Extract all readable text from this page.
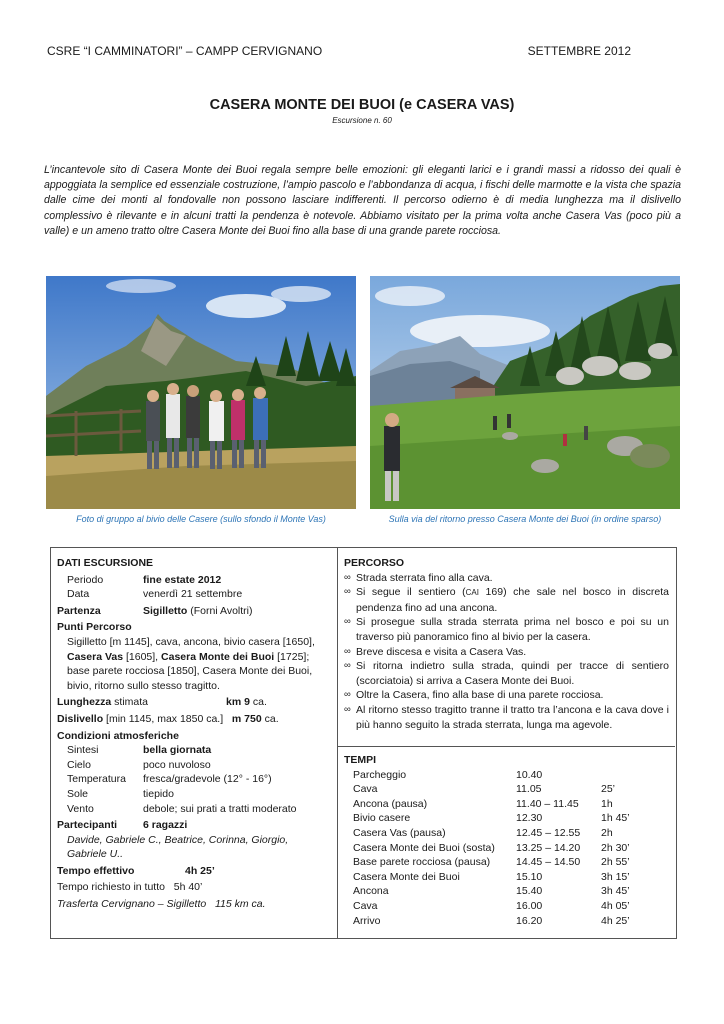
CSRE “I CAMMINATORI” – CAMPP CERVIGNANO	SETTEMBRE 2012
CASERA MONTE DEI BUOI (e CASERA VAS)
Escursione n. 60
L’incantevole sito di Casera Monte dei Buoi regala sempre belle emozioni: gli eleganti larici e i grandi massi a ridosso dei quali è appoggiata la semplice ed essenziale costruzione, l’ampio pascolo e l’abbondanza di acqua, i fischi delle marmotte e la vista che spazia dalle cime dei monti al fondovalle non possono lasciare indifferenti. Il percorso odierno è di media lunghezza ma il dislivello complessivo è rilevante e in alcuni tratti la pendenza è notevole. Abbiamo visitato per la prima volta anche Casera Vas (poco più a valle) e un ameno tratto oltre Casera Monte dei Buoi fino alla base di una grande parete rocciosa.
Foto di gruppo al bivio delle Casere (sullo sfondo il Monte Vas)	Sulla via del ritorno presso Casera Monte dei Buoi (in ordine sparso)
DATI ESCURSIONE
Periodo	fine estate 2012
Data	venerdì 21 settembre
Partenza	Sigilletto (Forni Avoltri)
Punti Percorso
Sigilletto [m 1145], cava, ancona, bivio casera [1650],
Casera Vas [1605], Casera Monte dei Buoi [1725];
base parete rocciosa [1850], Casera Monte dei Buoi,
bivio, ritorno sullo stesso tragitto.
Lunghezza stimata	km 9 ca.
Dislivello [min 1145, max 1850 ca.] m 750 ca.
Condizioni atmosferiche
Sintesi	bella giornata
Cielo	poco nuvoloso
Temperatura	fresca/gradevole (12° - 16°)
Sole	tiepido
Vento	debole; sui prati a tratti moderato
Partecipanti 6 ragazzi
Davide, Gabriele C., Beatrice, Corinna, Giorgio,
Gabriele U..
Tempo effettivo	4h 25’
Tempo richiesto in tutto 5h 40’
Trasferta Cervignano – Sigilletto 115 km ca.
PERCORSO
∞ Strada sterrata fino alla cava.
∞ Si segue il sentiero (CAI 169) che sale nel bosco in discreta pendenza fino ad una ancona.
∞ Si prosegue sulla strada sterrata prima nel bosco e poi su un traverso più panoramico fino al bivio per la casera.
∞ Breve discesa e visita a Casera Vas.
∞ Si ritorna indietro sulla strada, quindi per tracce di sentiero (scorciatoia) si arriva a Casera Monte dei Buoi.
∞ Oltre la Casera, fino alla base di una parete rocciosa.
∞ Al ritorno stesso tragitto tranne il tratto tra l’ancona e la cava dove i più hanno seguito la strada sterrata, lunga ma agevole.
TEMPI
Parcheggio	10.40
Cava	11.05	25’
Ancona (pausa)	11.40 – 11.45	1h
Bivio casere	12.30	1h 45’
Casera Vas (pausa)	12.45 – 12.55	2h
Casera Monte dei Buoi (sosta)	13.25 – 14.20	2h 30’
Base parete rocciosa (pausa)	14.45 – 14.50	2h 55’
Casera Monte dei Buoi	15.10	3h 15’
Ancona	15.40	3h 45’
Cava	16.00	4h 05’
Arrivo	16.20	4h 25’
